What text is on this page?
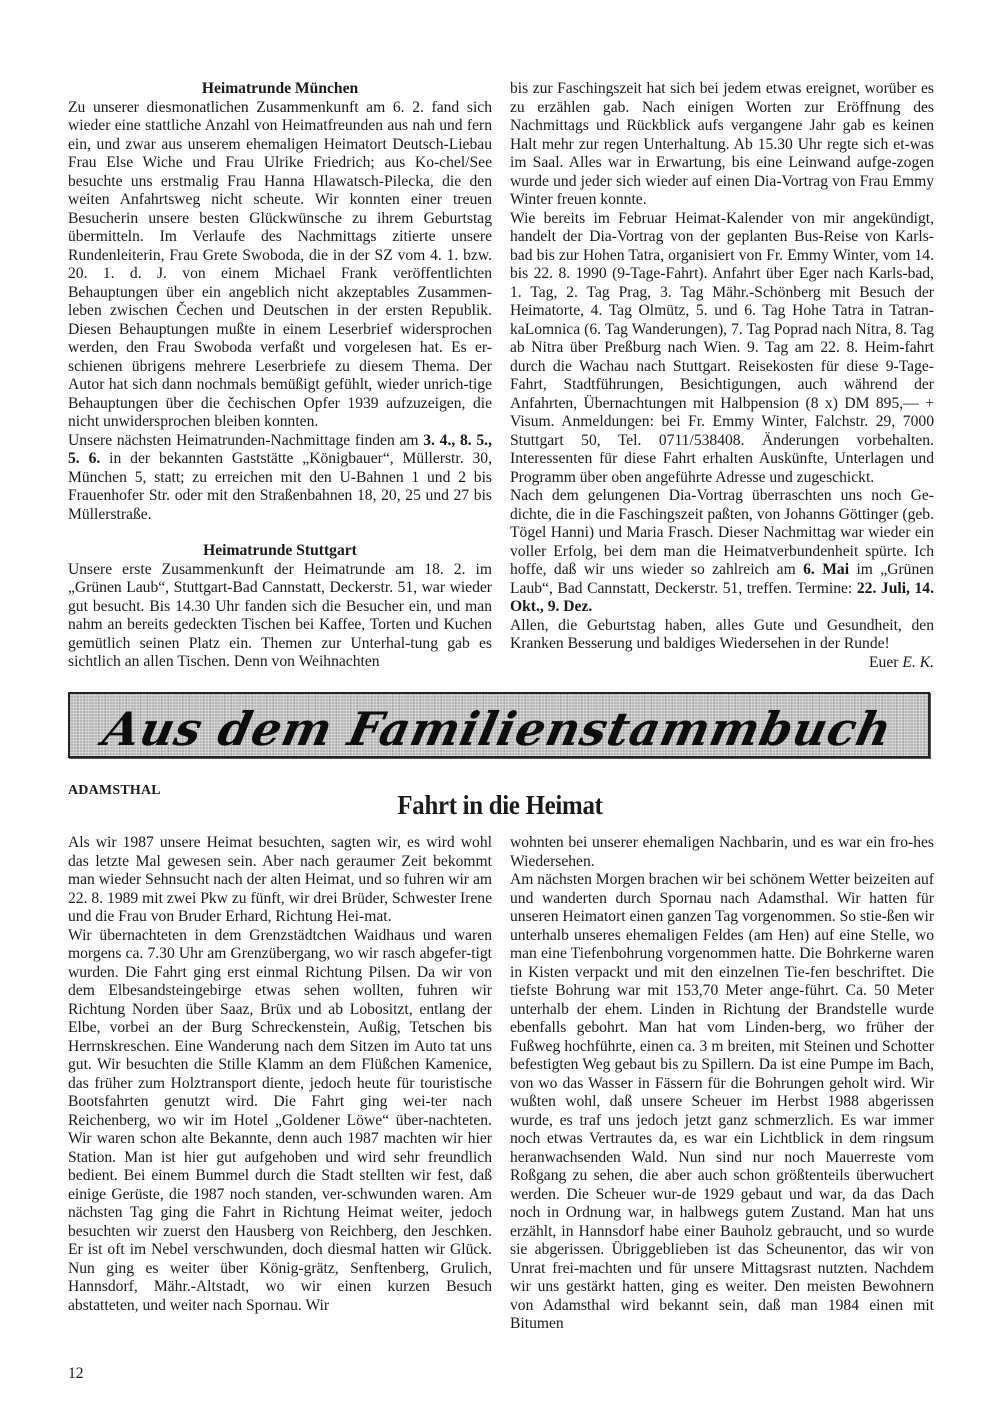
Heimatrunde München

Zu unserer diesmonatlichen Zusammenkunft am 6. 2. fand sich wieder eine stattliche Anzahl von Heimatfreunden aus nah und fern ein, und zwar aus unserem ehemaligen Heimatort Deutsch-Liebau Frau Else Wiche und Frau Ulrike Friedrich; aus Ko-chel/See besuchte uns erstmalig Frau Hanna Hlawatsch-Pilecka, die den weiten Anfahrtsweg nicht scheute. Wir konnten einer treuen Besucherin unsere besten Glückwünsche zu ihrem Geburtstag übermitteln. Im Verlaufe des Nachmittags zitierte unsere Rundenleiterin, Frau Grete Swoboda, die in der SZ vom 4. 1. bzw. 20. 1. d. J. von einem Michael Frank veröffentlichten Behauptungen über ein angeblich nicht akzeptables Zusammen-leben zwischen Čechen und Deutschen in der ersten Republik. Diesen Behauptungen mußte in einem Leserbrief widersprochen werden, den Frau Swoboda verfaßt und vorgelesen hat. Es er-schienen übrigens mehrere Leserbriefe zu diesem Thema. Der Autor hat sich dann nochmals bemüßigt gefühlt, wieder unrich-tige Behauptungen über die čechischen Opfer 1939 aufzuzeigen, die nicht unwidersprochen bleiben konnten.

Unsere nächsten Heimatrunden-Nachmittage finden am 3. 4., 8. 5., 5. 6. in der bekannten Gaststätte „Königbauer“, Müllerstr. 30, München 5, statt; zu erreichen mit den U-Bahnen 1 und 2 bis Frauenhofer Str. oder mit den Straßenbahnen 18, 20, 25 und 27 bis Müllerstraße.

Heimatrunde Stuttgart

Unsere erste Zusammenkunft der Heimatrunde am 18. 2. im „Grünen Laub“, Stuttgart-Bad Cannstatt, Deckerstr. 51, war wieder gut besucht. Bis 14.30 Uhr fanden sich die Besucher ein, und man nahm an bereits gedeckten Tischen bei Kaffee, Torten und Kuchen gemütlich seinen Platz ein. Themen zur Unterhal-tung gab es sichtlich an allen Tischen. Denn von Weihnachten

bis zur Faschingszeit hat sich bei jedem etwas ereignet, worüber es zu erzählen gab. Nach einigen Worten zur Eröffnung des Nachmittags und Rückblick aufs vergangene Jahr gab es keinen Halt mehr zur regen Unterhaltung. Ab 15.30 Uhr regte sich et-was im Saal. Alles war in Erwartung, bis eine Leinwand aufge-zogen wurde und jeder sich wieder auf einen Dia-Vortrag von Frau Emmy Winter freuen konnte.

Wie bereits im Februar Heimat-Kalender von mir angekündigt, handelt der Dia-Vortrag von der geplanten Bus-Reise von Karls-bad bis zur Hohen Tatra, organisiert von Fr. Emmy Winter, vom 14. bis 22. 8. 1990 (9-Tage-Fahrt). Anfahrt über Eger nach Karls-bad, 1. Tag, 2. Tag Prag, 3. Tag Mähr.-Schönberg mit Besuch der Heimatorte, 4. Tag Olmütz, 5. und 6. Tag Hohe Tatra in Tatran-kaLomnica (6. Tag Wanderungen), 7. Tag Poprad nach Nitra, 8. Tag ab Nitra über Preßburg nach Wien. 9. Tag am 22. 8. Heim-fahrt durch die Wachau nach Stuttgart. Reisekosten für diese 9-Tage-Fahrt, Stadtführungen, Besichtigungen, auch während der Anfahrten, Übernachtungen mit Halbpension (8 x) DM 895,— + Visum. Anmeldungen: bei Fr. Emmy Winter, Falchstr. 29, 7000 Stuttgart 50, Tel. 0711/538408. Änderungen vorbehalten. Interessenten für diese Fahrt erhalten Auskünfte, Unterlagen und Programm über oben angeführte Adresse und zugeschickt.

Nach dem gelungenen Dia-Vortrag überraschten uns noch Ge-dichte, die in die Faschingszeit paßten, von Johanns Göttinger (geb. Tögel Hanni) und Maria Frasch. Dieser Nachmittag war wieder ein voller Erfolg, bei dem man die Heimatverbundenheit spürte. Ich hoffe, daß wir uns wieder so zahlreich am 6. Mai im „Grünen Laub“, Bad Cannstatt, Deckerstr. 51, treffen. Termine: 22. Juli, 14. Okt., 9. Dez.

Allen, die Geburtstag haben, alles Gute und Gesundheit, den Kranken Besserung und baldiges Wiedersehen in der Runde!

Euer E. K.

Aus dem Familienstammbuch
ADAMSTHAL	Fahrt in die Heimat

Als wir 1987 unsere Heimat besuchten, sagten wir, es wird wohl das letzte Mal gewesen sein. Aber nach geraumer Zeit bekommt man wieder Sehnsucht nach der alten Heimat, und so fuhren wir am 22. 8. 1989 mit zwei Pkw zu fünft, wir drei Brüder, Schwester Irene und die Frau von Bruder Erhard, Richtung Hei-mat.

Wir übernachteten in dem Grenzstädtchen Waidhaus und waren morgens ca. 7.30 Uhr am Grenzübergang, wo wir rasch abgefer-tigt wurden. Die Fahrt ging erst einmal Richtung Pilsen. Da wir von dem Elbesandsteingebirge etwas sehen wollten, fuhren wir Richtung Norden über Saaz, Brüx und ab Lobositzt, entlang der Elbe, vorbei an der Burg Schreckenstein, Außig, Tetschen bis Herrnskreschen. Eine Wanderung nach dem Sitzen im Auto tat uns gut. Wir besuchten die Stille Klamm an dem Flüßchen Kamenice, das früher zum Holztransport diente, jedoch heute für touristische Bootsfahrten genutzt wird. Die Fahrt ging wei-ter nach Reichenberg, wo wir im Hotel „Goldener Löwe“ über-nachteten. Wir waren schon alte Bekannte, denn auch 1987 machten wir hier Station. Man ist hier gut aufgehoben und wird sehr freundlich bedient. Bei einem Bummel durch die Stadt stellten wir fest, daß einige Gerüste, die 1987 noch standen, ver-schwunden waren. Am nächsten Tag ging die Fahrt in Richtung Heimat weiter, jedoch besuchten wir zuerst den Hausberg von Reichberg, den Jeschken. Er ist oft im Nebel verschwunden, doch diesmal hatten wir Glück. Nun ging es weiter über König-grätz, Senftenberg, Grulich, Hannsdorf, Mähr.-Altstadt, wo wir einen kurzen Besuch abstatteten, und weiter nach Spornau. Wir

wohnten bei unserer ehemaligen Nachbarin, und es war ein fro-hes Wiedersehen.

Am nächsten Morgen brachen wir bei schönem Wetter beizeiten auf und wanderten durch Spornau nach Adamsthal. Wir hatten für unseren Heimatort einen ganzen Tag vorgenommen. So stie-ßen wir unterhalb unseres ehemaligen Feldes (am Hen) auf eine Stelle, wo man eine Tiefenbohrung vorgenommen hatte. Die Bohrkerne waren in Kisten verpackt und mit den einzelnen Tie-fen beschriftet. Die tiefste Bohrung war mit 153,70 Meter ange-führt. Ca. 50 Meter unterhalb der ehem. Linden in Richtung der Brandstelle wurde ebenfalls gebohrt. Man hat vom Linden-berg, wo früher der Fußweg hochführte, einen ca. 3 m breiten, mit Steinen und Schotter befestigten Weg gebaut bis zu Spillern. Da ist eine Pumpe im Bach, von wo das Wasser in Fässern für die Bohrungen geholt wird. Wir wußten wohl, daß unsere Scheuer im Herbst 1988 abgerissen wurde, es traf uns jedoch jetzt ganz schmerzlich. Es war immer noch etwas Vertrautes da, es war ein Lichtblick in dem ringsum heranwachsenden Wald. Nun sind nur noch Mauerreste vom Roßgang zu sehen, die aber auch schon größtenteils überwuchert werden. Die Scheuer wur-de 1929 gebaut und war, da das Dach noch in Ordnung war, in halbwegs gutem Zustand. Man hat uns erzählt, in Hannsdorf habe einer Bauholz gebraucht, und so wurde sie abgerissen. Übriggeblieben ist das Scheunentor, das wir von Unrat frei-machten und für unsere Mittagsrast nutzten. Nachdem wir uns gestärkt hatten, ging es weiter. Den meisten Bewohnern von Adamsthal wird bekannt sein, daß man 1984 einen mit Bitumen

12
